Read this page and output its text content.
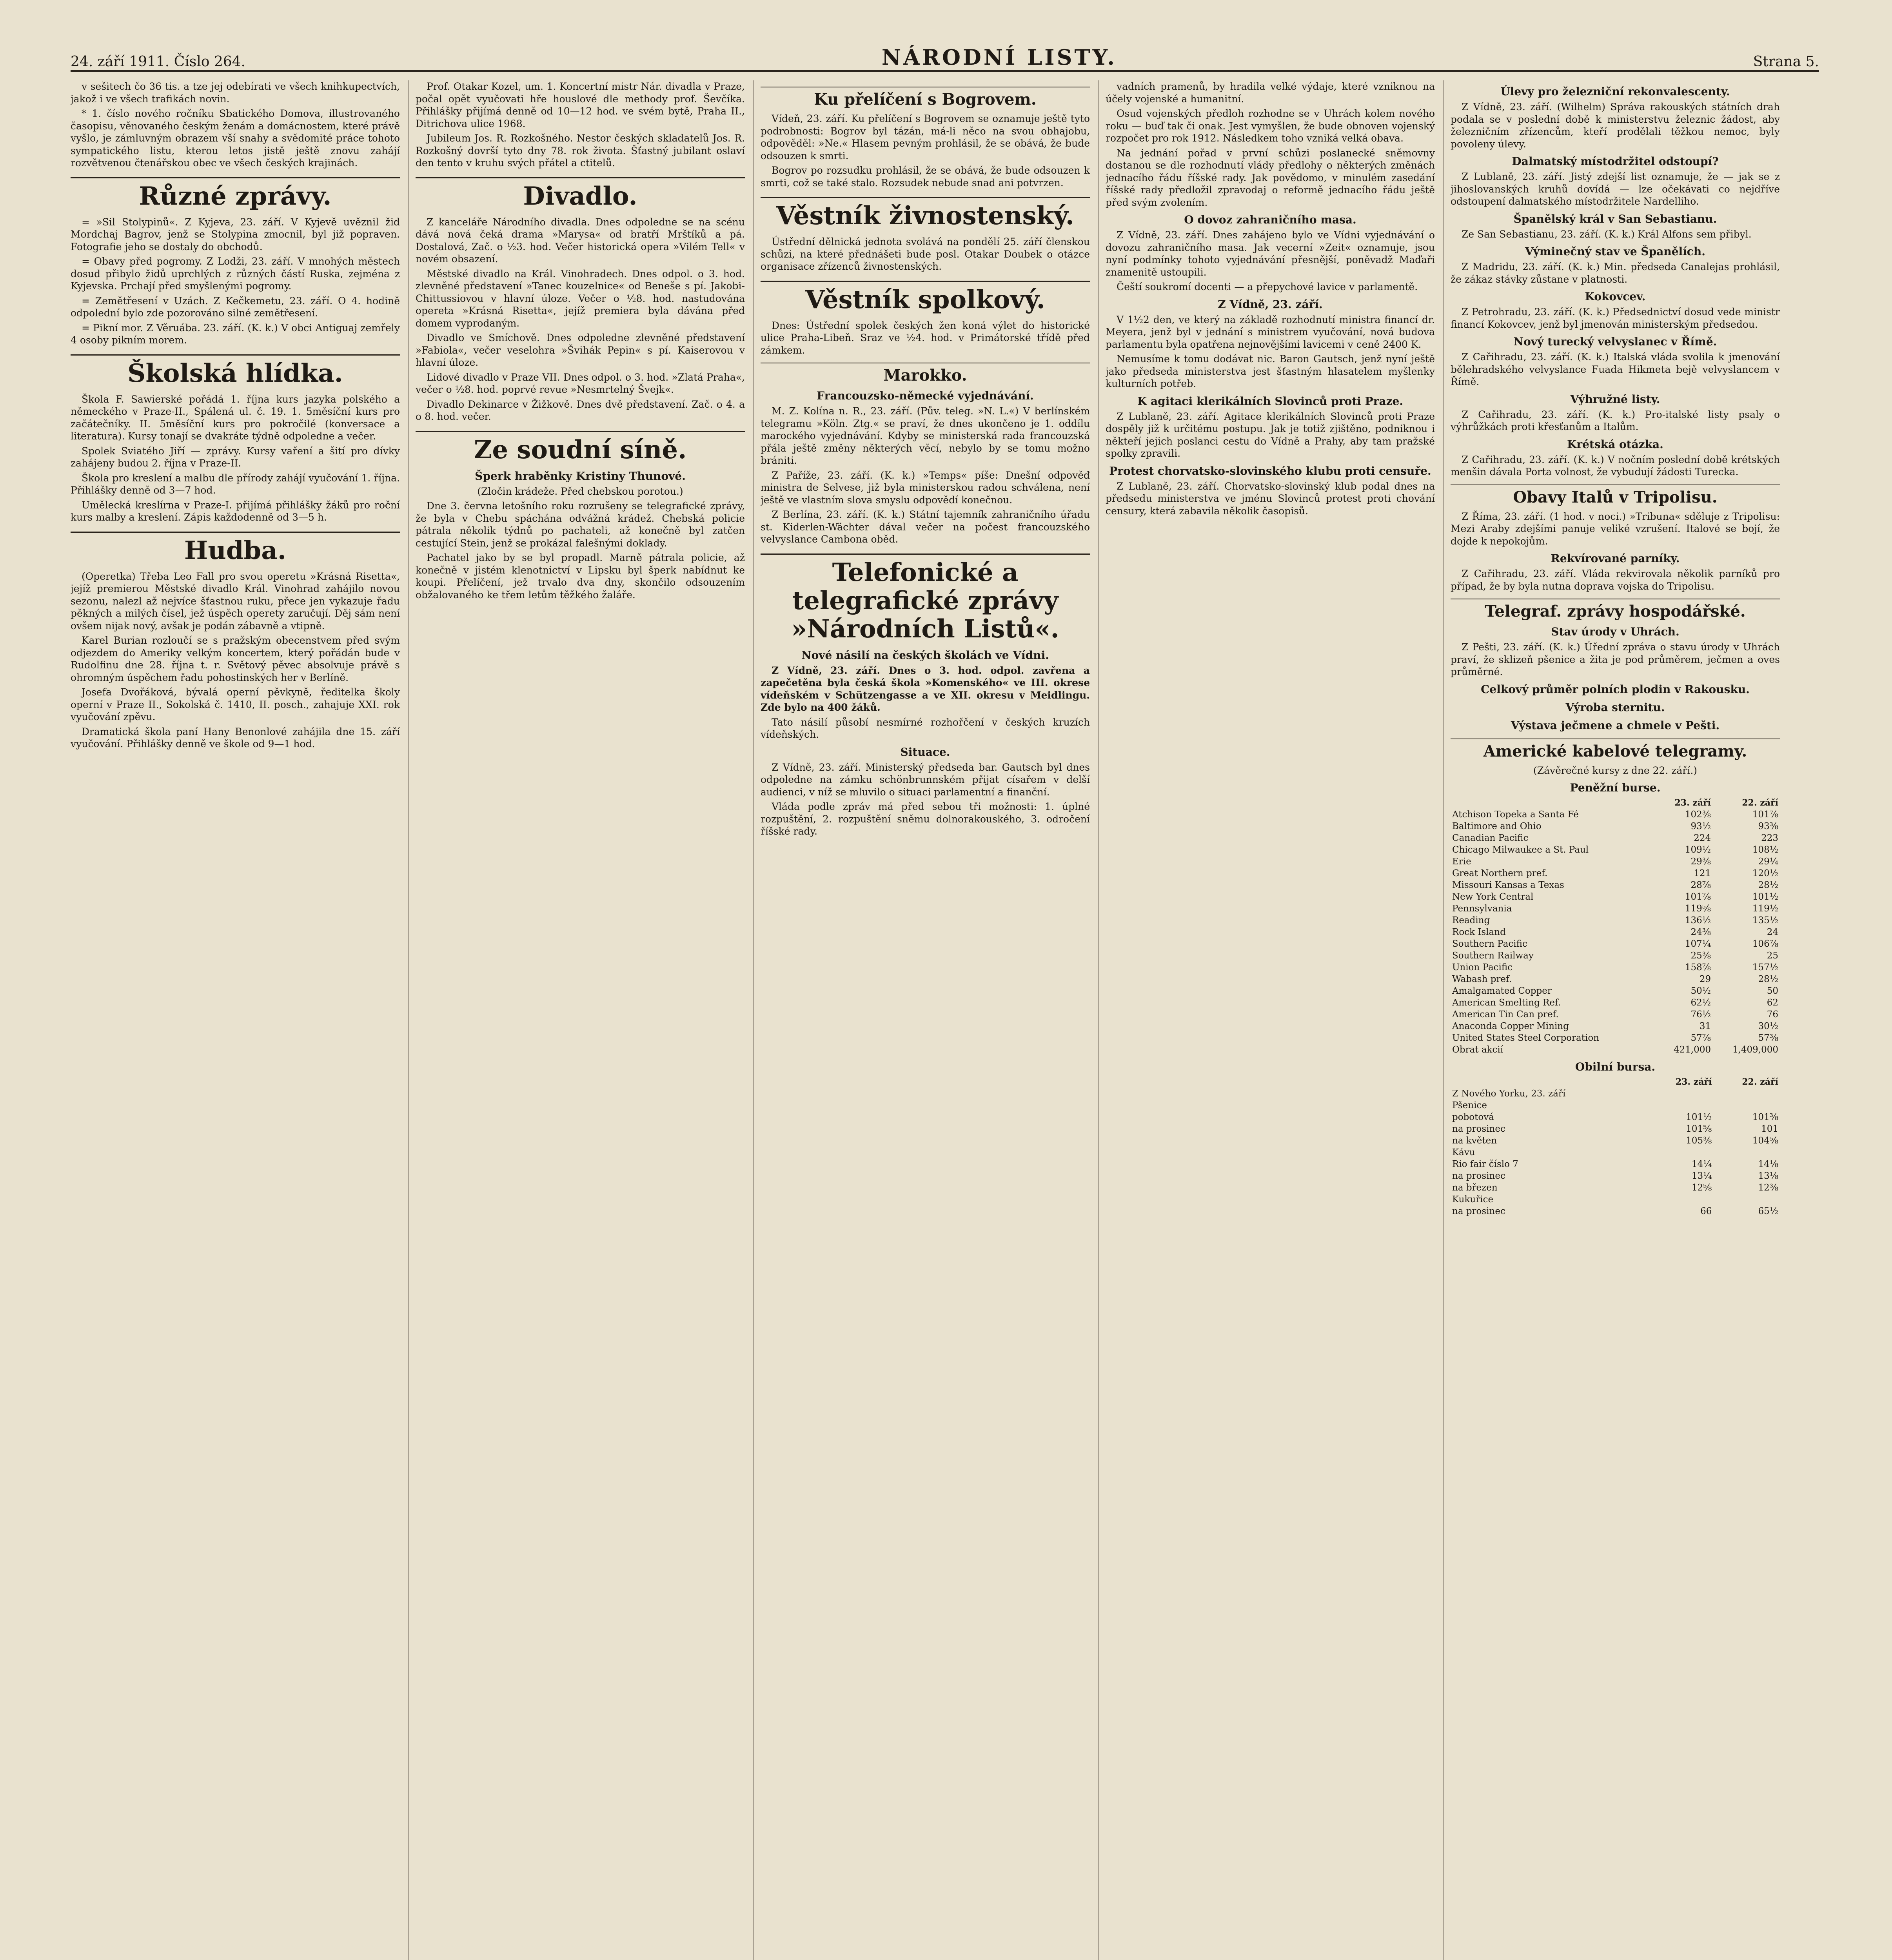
24. září 1911. Číslo 264.	NÁRODNÍ LISTY.	Strana 5.

v sešitech čo 36 tis. a tze jej odebírati ve všech knihkupectvích, jakož i ve všech trafikách novin.

* 1. číslo nového ročníku Sbatického Domova, illustrovaného časopisu, věnovaného českým ženám a domácnostem, které právě vyšlo, je zámluvným obrazem vší snahy a svědomité práce tohoto sympatického listu, kterou letos jistě ještě znovu zahájí rozvětvenou čtenářskou obec ve všech českých krajinách.

Různé zprávy.

= »Sil Stolypinů«. Z Kyjeva, 23. září. V Kyjevě uvěznil žid Mordchaj Bagrov, jenž se Stolypina zmocnil, byl již popraven. Fotografie jeho se dostaly do obchodů.

= Obavy před pogromy. Z Lodži, 23. září. V mnohých městech dosud přibylo židů uprchlých z různých částí Ruska, zejména z Kyjevska. Prchají před smyšlenými pogromy.

= Zemětřesení v Uzách. Z Kečkemetu, 23. září. O 4. hodině odpolední bylo zde pozorováno silné zemětřesení.

= Pikní mor. Z Věruába. 23. září. (K. k.) V obci Antiguaj zemřely 4 osoby pikním morem.

Školská hlídka.

Škola F. Sawierské pořádá 1. října kurs jazyka polského a německého v Praze-II., Spálená ul. č. 19. 1. 5měsíční kurs pro začátečníky. II. 5měsíční kurs pro pokročilé (konversace a literatura). Kursy tonají se dvakráte týdně odpoledne a večer.

Spolek Sviatého Jiří — zprávy. Kursy vaření a šití pro dívky zahájeny budou 2. října v Praze-II.

Škola pro kreslení a malbu dle přírody zahájí vyučování 1. října. Přihlášky denně od 3—7 hod.

Umělecká kreslírna v Praze-I. přijímá přihlášky žáků pro roční kurs malby a kreslení. Zápis každodenně od 3—5 h.

Hudba.

(Operetka) Třeba Leo Fall pro svou operetu »Krásná Risetta«, jejíž premierou Městské divadlo Král. Vinohrad zahájilo novou sezonu, nalezl až nejvíce šťastnou ruku, přece jen vykazuje řadu pěkných a milých čísel, jež úspěch operety zaručují. Děj sám není ovšem nijak nový, avšak je podán zábavně a vtipně.

Karel Burian rozloučí se s pražským obecenstvem před svým odjezdem do Ameriky velkým koncertem, který pořádán bude v Rudolfinu dne 28. října t. r. Světový pěvec absolvuje právě s ohromným úspěchem řadu pohostinských her v Berlíně.

Josefa Dvořáková, bývalá operní pěvkyně, ředitelka školy operní v Praze II., Sokolská č. 1410, II. posch., zahajuje XXI. rok vyučování zpěvu.

Dramatická škola paní Hany Benonlové zahájila dne 15. září vyučování. Přihlášky denně ve škole od 9—1 hod.

Prof. Otakar Kozel, um. 1. Koncertní mistr Nár. divadla v Praze, počal opět vyučovati hře houslové dle methody prof. Ševčíka. Přihlášky přijímá denně od 10—12 hod. ve svém bytě, Praha II., Ditrichova ulice 1968.

Jubileum Jos. R. Rozkošného. Nestor českých skladatelů Jos. R. Rozkošný dovrší tyto dny 78. rok života. Šťastný jubilant oslaví den tento v kruhu svých přátel a ctitelů.

Divadlo.

Z kanceláře Národního divadla. Dnes odpoledne se na scénu dává nová čeká drama »Marysa« od bratří Mrštíků a pá. Dostalová, Zač. o ½3. hod. Večer historická opera »Vilém Tell« v novém obsazení.

Městské divadlo na Král. Vinohradech. Dnes odpol. o 3. hod. zlevněné představení »Tanec kouzelnice« od Beneše s pí. Jakobi-Chittussiovou v hlavní úloze. Večer o ½8. hod. nastudována opereta »Krásná Risetta«, jejíž premiera byla dávána před domem vyprodaným.

Divadlo ve Smíchově. Dnes odpoledne zlevněné představení »Fabiola«, večer veselohra »Švihák Pepin« s pí. Kaiserovou v hlavní úloze.

Lidové divadlo v Praze VII. Dnes odpol. o 3. hod. »Zlatá Praha«, večer o ½8. hod. poprvé revue »Nesmrtelný Švejk«.

Divadlo Dekinarce v Žižkově. Dnes dvě představení. Zač. o 4. a o 8. hod. večer.

Ze soudní síně.
Šperk hraběnky Kristiny Thunové.

(Zločin krádeže. Před chebskou porotou.)

Dne 3. června letošního roku rozrušeny se telegrafické zprávy, že byla v Chebu spáchána odvážná krádež. Chebská policie pátrala několik týdnů po pachateli, až konečně byl zatčen cestující Stein, jenž se prokázal falešnými doklady.

Pachatel jako by se byl propadl. Marně pátrala policie, až konečně v jistém klenotnictví v Lipsku byl šperk nabídnut ke koupi. Přelíčení, jež trvalo dva dny, skončilo odsouzením obžalovaného ke třem letům těžkého žaláře.

Ku přelíčení s Bogrovem.

Vídeň, 23. září. Ku přelíčení s Bogrovem se oznamuje ještě tyto podrobnosti: Bogrov byl tázán, má-li něco na svou obhajobu, odpověděl: »Ne.« Hlasem pevným prohlásil, že se obává, že bude odsouzen k smrti.

Bogrov po rozsudku prohlásil, že se obává, že bude odsouzen k smrti, což se také stalo. Rozsudek nebude snad ani potvrzen.

Věstník živnostenský.

Ústřední dělnická jednota svolává na pondělí 25. září členskou schůzi, na které přednášeti bude posl. Otakar Doubek o otázce organisace zřízenců živnostenských.

Věstník spolkový.

Dnes: Ústřední spolek českých žen koná výlet do historické ulice Praha-Libeň. Sraz ve ½4. hod. v Primátorské třídě před zámkem.

Marokko.
Francouzsko-německé vyjednávání.

M. Z. Kolína n. R., 23. září. (Pův. teleg. »N. L.«) V berlínském telegramu »Köln. Ztg.« se praví, že dnes ukončeno je 1. oddílu marockého vyjednávání. Kdyby se ministerská rada francouzská přála ještě změny některých věcí, nebylo by se tomu možno brániti.

Z Paříže, 23. září. (K. k.) »Temps« píše: Dnešní odpověď ministra de Selvese, již byla ministerskou radou schválena, není ještě ve vlastním slova smyslu odpovědí konečnou.

Z Berlína, 23. září. (K. k.) Státní tajemník zahraničního úřadu st. Kiderlen-Wächter dával večer na počest francouzského velvyslance Cambona oběd.

Telefonické a telegrafické zprávy »Národních Listů«.
Nové násilí na českých školách ve Vídni.

Z Vídně, 23. září. Dnes o 3. hod. odpol. zavřena a zapečetěna byla česká škola »Komenského« ve III. okrese vídeňském v Schützengasse a ve XII. okresu v Meidlingu. Zde bylo na 400 žáků.

Tato násilí působí nesmírné rozhořčení v českých kruzích vídeňských.

Situace.

Z Vídně, 23. září. Ministerský předseda bar. Gautsch byl dnes odpoledne na zámku schönbrunnském přijat císařem v delší audienci, v níž se mluvilo o situaci parlamentní a finanční.

Vláda podle zpráv má před sebou tři možnosti: 1. úplné rozpuštění, 2. rozpuštění sněmu dolnorakouského, 3. odročení říšské rady.

vadních pramenů, by hradila velké výdaje, které vzniknou na účely vojenské a humanitní.

Osud vojenských předloh rozhodne se v Uhrách kolem nového roku — buď tak či onak. Jest vymyšlen, že bude obnoven vojenský rozpočet pro rok 1912. Následkem toho vzniká velká obava.

Na jednání pořad v první schůzi poslanecké sněmovny dostanou se dle rozhodnutí vlády předlohy o některých změnách jednacího řádu říšské rady. Jak povědomo, v minulém zasedání říšské rady předložil zpravodaj o reformě jednacího řádu ještě před svým zvolením.

O dovoz zahraničního masa.

Z Vídně, 23. září. Dnes zahájeno bylo ve Vídni vyjednávání o dovozu zahraničního masa. Jak vecerní »Zeit« oznamuje, jsou nyní podmínky tohoto vyjednávání přesnější, poněvadž Maďaři znamenitě ustoupili.

Čeští soukromí docenti — a přepychové lavice v parlamentě.

Z Vídně, 23. září.

V 1½2 den, ve který na základě rozhodnutí ministra financí dr. Meyera, jenž byl v jednání s ministrem vyučování, nová budova parlamentu byla opatřena nejnovějšími lavicemi v ceně 2400 K.

Nemusíme k tomu dodávat nic. Baron Gautsch, jenž nyní ještě jako předseda ministerstva jest šťastným hlasatelem myšlenky kulturních potřeb.

K agitaci klerikálních Slovinců proti Praze.

Z Lublaně, 23. září. Agitace klerikálních Slovinců proti Praze dospěly již k určitému postupu. Jak je totiž zjištěno, podniknou i někteří jejich poslanci cestu do Vídně a Prahy, aby tam pražské spolky zpravili.

Protest chorvatsko-slovinského klubu proti censuře.

Z Lublaně, 23. září. Chorvatsko-slovinský klub podal dnes na předsedu ministerstva ve jménu Slovinců protest proti chování censury, která zabavila několik časopisů.

Úlevy pro železniční rekonvalescenty.

Z Vídně, 23. září. (Wilhelm) Správa rakouských státních drah podala se v poslední době k ministerstvu železnic žádost, aby železničním zřízencům, kteří prodělali těžkou nemoc, byly povoleny úlevy.

Dalmatský místodržitel odstoupí?

Z Lublaně, 23. září. Jistý zdejší list oznamuje, že — jak se z jihoslovanských kruhů dovídá — lze očekávati co nejdříve odstoupení dalmatského místodržitele Nardelliho.

Španělský král v San Sebastianu.

Ze San Sebastianu, 23. září. (K. k.) Král Alfons sem přibyl.

Výminečný stav ve Španělích.

Z Madridu, 23. září. (K. k.) Min. předseda Canalejas prohlásil, že zákaz stávky zůstane v platnosti.

Kokovcev.

Z Petrohradu, 23. září. (K. k.) Předsednictví dosud vede ministr financí Kokovcev, jenž byl jmenován ministerským předsedou.

Nový turecký velvyslanec v Římě.

Z Cařihradu, 23. září. (K. k.) Italská vláda svolila k jmenování bělehradského velvyslance Fuada Hikmeta bejě velvyslancem v Římě.

Výhružné listy.

Z Cařihradu, 23. září. (K. k.) Pro-italské listy psaly o výhrůžkách proti křesťanům a Italům.

Krétská otázka.

Z Cařihradu, 23. září. (K. k.) V nočním poslední době krétských menšin dávala Porta volnost, že vybudují žádosti Turecka.

Obavy Italů v Tripolisu.

Z Říma, 23. září. (1 hod. v noci.) »Tribuna« sděluje z Tripolisu: Mezi Araby zdejšími panuje veliké vzrušení. Italové se bojí, že dojde k nepokojům.

Rekvírované parníky.

Z Cařihradu, 23. září. Vláda rekvirovala několik parníků pro případ, že by byla nutna doprava vojska do Tripolisu.

Telegraf. zprávy hospodářské.
Stav úrody v Uhrách.

Z Pešti, 23. září. (K. k.) Úřední zpráva o stavu úrody v Uhrách praví, že sklizeň pšenice a žita je pod průměrem, ječmen a oves průměrné.

Celkový průměr polních plodin v Rakousku.
Výroba sternitu.
Výstava ječmene a chmele v Pešti.
Americké kabelové telegramy.

(Závěrečné kursy z dne 22. září.)

Peněžní burse.
	23. září	22. září
Atchison Topeka a Santa Fé	102⅜	101⅞
Baltimore and Ohio	93½	93⅜
Canadian Pacific	224	223
Chicago Milwaukee a St. Paul	109½	108½
Erie	29⅜	29¼
Great Northern pref.	121	120½
Missouri Kansas a Texas	28⅞	28½
New York Central	101⅞	101½
Pennsylvania	119⅝	119½
Reading	136½	135½
Rock Island	24⅜	24
Southern Pacific	107¼	106⅞
Southern Railway	25⅜	25
Union Pacific	158⅞	157½
Wabash pref.	29	28½
Amalgamated Copper	50½	50
American Smelting Ref.	62½	62
American Tin Can pref.	76½	76
Anaconda Copper Mining	31	30½
United States Steel Corporation	57⅞	57⅜
Obrat akcií	421,000	1,409,000
Obilní bursa.
	23. září	22. září
Z Nového Yorku, 23. září		
Pšenice		
pobotová	101½	101⅜
na prosinec	101⅝	101
na květen	105⅜	104⅝
Kávu		
Rio fair číslo 7	14¼	14⅛
na prosinec	13¼	13⅛
na březen	12⅝	12⅜
Kukuřice		
na prosinec	66	65½
